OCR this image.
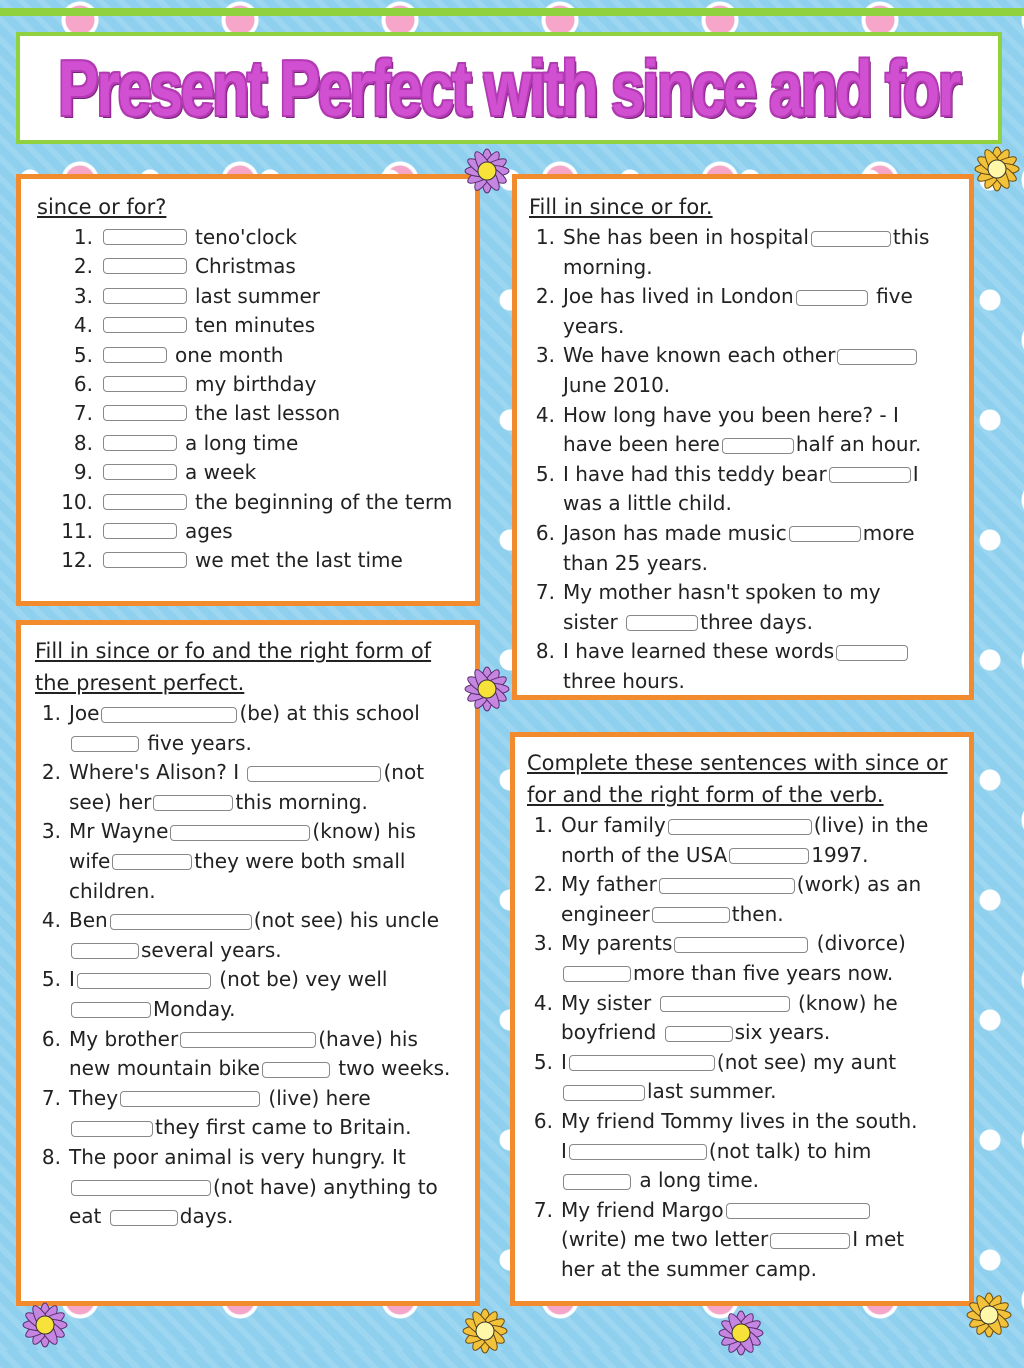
Present Perfect with since and for

since or for?

1.	teno'clock
2.	Christmas
3.	last summer
4.	ten minutes
5.	one month
6.	my birthday
7.	the last lesson
8.	a long time
9.	a week
10.	the beginning of the term
11.	ages
12.	we met the last time

Fill in since or for.

1. She has been in hospital	this
morning.
2. Joe has lived in London	five
years.
3. We have known each other
June 2010.
4. How long have you been here? - I
have been here	half an hour.
5. I have had this teddy bear	I
was a little child.
6. Jason has made music	more
than 25 years.
7. My mother hasn't spoken to my
sister	three days.
8. I have learned these words
three hours.

Fill in since or fo and the right form of

the present perfect.

1. Joe	(be) at this school
five years.
2. Where's Alison? I	(not
see) her	this morning.
3. Mr Wayne	(know) his
wife	they were both small
children.
4. Ben	(not see) his uncle
several years.
5. I	(not be) vey well
Monday.
6. My brother	(have) his
new mountain bike	two weeks.
7. They	(live) here
they first came to Britain.
8. The poor animal is very hungry. It
(not have) anything to
eat	days.

Complete these sentences with since or

for and the right form of the verb.

1. Our family	(live) in the
north of the USA	1997.
2. My father	(work) as an
engineer	then.
3. My parents	(divorce)
more than five years now.
4. My sister	(know) he
boyfriend	six years.
5. I	(not see) my aunt
last summer.
6. My friend Tommy lives in the south.
I	(not talk) to him
a long time.
7. My friend Margo
(write) me two letter	I met
her at the summer camp.
